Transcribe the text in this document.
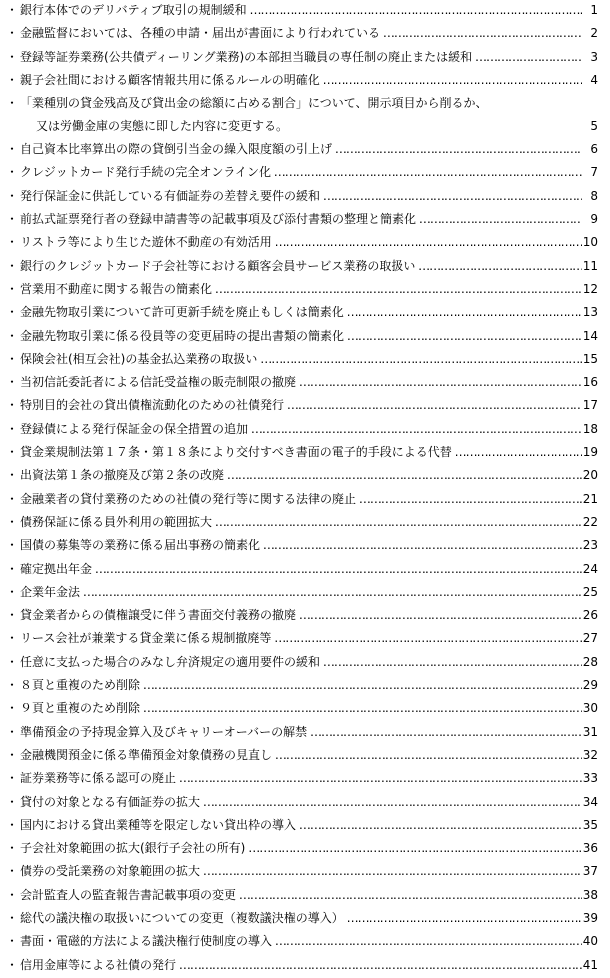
・ 銀行本体でのデリバティブ取引の規制緩和 ……………………………………………………………………………………………………………………………………………………………………………………………………	1
・ 金融監督においては、各種の申請・届出が書面により行われている ……………………………………………………………………………………………………………………………………………………………………………………………………	2
・ 登録等証券業務(公共債ディーリング業務)の本部担当職員の専任制の廃止または緩和 ……………………………………………………………………………………………………………………………………………………………………………………………………	3
・ 親子会社間における顧客情報共用に係るルールの明確化 ……………………………………………………………………………………………………………………………………………………………………………………………………	4
・ 「業種別の貸金残高及び貸出金の総額に占める割合」について、開示項目から削るか、
又は労働金庫の実態に即した内容に変更する。	5
・ 自己資本比率算出の際の貸倒引当金の繰入限度額の引上げ ……………………………………………………………………………………………………………………………………………………………………………………………………	6
・ クレジットカード発行手続の完全オンライン化 ……………………………………………………………………………………………………………………………………………………………………………………………………	7
・ 発行保証金に供託している有価証券の差替え要件の緩和 ……………………………………………………………………………………………………………………………………………………………………………………………………	8
・ 前払式証票発行者の登録申請書等の記載事項及び添付書類の整理と簡素化 ……………………………………………………………………………………………………………………………………………………………………………………………………	9
・ リストラ等により生じた遊休不動産の有効活用 ……………………………………………………………………………………………………………………………………………………………………………………………………	10
・ 銀行のクレジットカード子会社等における顧客会員サービス業務の取扱い ……………………………………………………………………………………………………………………………………………………………………………………………………	11
・ 営業用不動産に関する報告の簡素化 ……………………………………………………………………………………………………………………………………………………………………………………………………	12
・ 金融先物取引業について許可更新手続を廃止もしくは簡素化 ……………………………………………………………………………………………………………………………………………………………………………………………………	13
・ 金融先物取引業に係る役員等の変更届時の提出書類の簡素化 ……………………………………………………………………………………………………………………………………………………………………………………………………	14
・ 保険会社(相互会社)の基金払込業務の取扱い ……………………………………………………………………………………………………………………………………………………………………………………………………	15
・ 当初信託委託者による信託受益権の販売制限の撤廃 ……………………………………………………………………………………………………………………………………………………………………………………………………	16
・ 特別目的会社の貸出債権流動化のための社債発行 ……………………………………………………………………………………………………………………………………………………………………………………………………	17
・ 登録債による発行保証金の保全措置の追加 ……………………………………………………………………………………………………………………………………………………………………………………………………	18
・ 貸金業規制法第１７条・第１８条により交付すべき書面の電子的手段による代替 ……………………………………………………………………………………………………………………………………………………………………………………………………	19
・ 出資法第１条の撤廃及び第２条の改廃 ……………………………………………………………………………………………………………………………………………………………………………………………………	20
・ 金融業者の貸付業務のための社債の発行等に関する法律の廃止 ……………………………………………………………………………………………………………………………………………………………………………………………………	21
・ 債務保証に係る員外利用の範囲拡大 ……………………………………………………………………………………………………………………………………………………………………………………………………	22
・ 国債の募集等の業務に係る届出事務の簡素化 ……………………………………………………………………………………………………………………………………………………………………………………………………	23
・ 確定拠出年金 ……………………………………………………………………………………………………………………………………………………………………………………………………	24
・ 企業年金法 ……………………………………………………………………………………………………………………………………………………………………………………………………	25
・ 貸金業者からの債権譲受に伴う書面交付義務の撤廃 ……………………………………………………………………………………………………………………………………………………………………………………………………	26
・ リース会社が兼業する貸金業に係る規制撤廃等 ……………………………………………………………………………………………………………………………………………………………………………………………………	27
・ 任意に支払った場合のみなし弁済規定の適用要件の緩和 ……………………………………………………………………………………………………………………………………………………………………………………………………	28
・ ８頁と重複のため削除 ……………………………………………………………………………………………………………………………………………………………………………………………………	29
・ ９頁と重複のため削除 ……………………………………………………………………………………………………………………………………………………………………………………………………	30
・ 準備預金の予持現金算入及びキャリーオーバーの解禁 ……………………………………………………………………………………………………………………………………………………………………………………………………	31
・ 金融機関預金に係る準備預金対象債務の見直し ……………………………………………………………………………………………………………………………………………………………………………………………………	32
・ 証券業務等に係る認可の廃止 ……………………………………………………………………………………………………………………………………………………………………………………………………	33
・ 貸付の対象となる有価証券の拡大 ……………………………………………………………………………………………………………………………………………………………………………………………………	34
・ 国内における貸出業種等を限定しない貸出枠の導入 ……………………………………………………………………………………………………………………………………………………………………………………………………	35
・ 子会社対象範囲の拡大(銀行子会社の所有) ……………………………………………………………………………………………………………………………………………………………………………………………………	36
・ 債券の受託業務の対象範囲の拡大 ……………………………………………………………………………………………………………………………………………………………………………………………………	37
・ 会計監査人の監査報告書記載事項の変更 ……………………………………………………………………………………………………………………………………………………………………………………………………	38
・ 総代の議決権の取扱いについての変更（複数議決権の導入） ……………………………………………………………………………………………………………………………………………………………………………………………………	39
・ 書面・電磁的方法による議決権行使制度の導入 ……………………………………………………………………………………………………………………………………………………………………………………………………	40
・ 信用金庫等による社債の発行 ……………………………………………………………………………………………………………………………………………………………………………………………………	41
